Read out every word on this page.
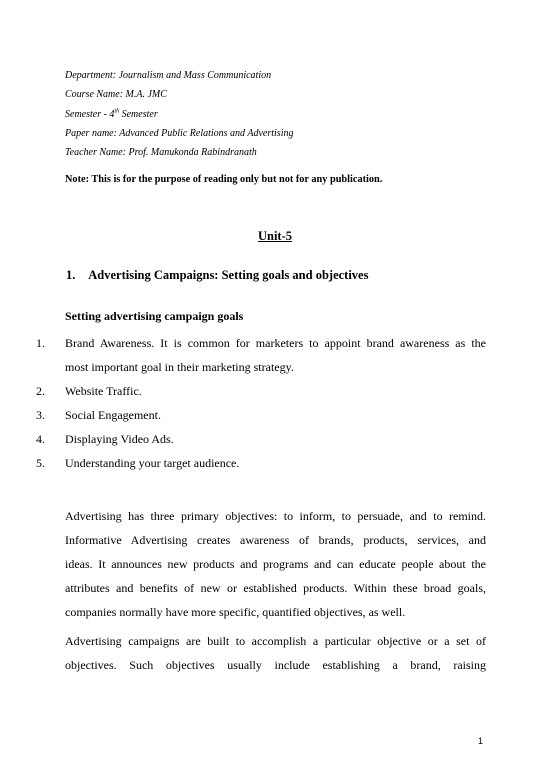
Department: Journalism and Mass Communication
Course Name: M.A. JMC
Semester - 4th Semester
Paper name: Advanced Public Relations and Advertising
Teacher Name: Prof. Manukonda Rabindranath
Note: This is for the purpose of reading only but not for any publication.
Unit-5
1. Advertising Campaigns: Setting goals and objectives
Setting advertising campaign goals
1.	Brand Awareness. It is common for marketers to appoint brand awareness as the
most important goal in their marketing strategy.
2.	Website Traffic.
3.	Social Engagement.
4.	Displaying Video Ads.
5.	Understanding your target audience.
Advertising has three primary objectives: to inform, to persuade, and to remind.
Informative Advertising creates awareness of brands, products, services, and
ideas. It announces new products and programs and can educate people about the
attributes and benefits of new or established products. Within these broad goals,
companies normally have more specific, quantified objectives, as well.
Advertising campaigns are built to accomplish a particular objective or a set of
objectives. Such objectives usually include establishing a brand, raising
1
